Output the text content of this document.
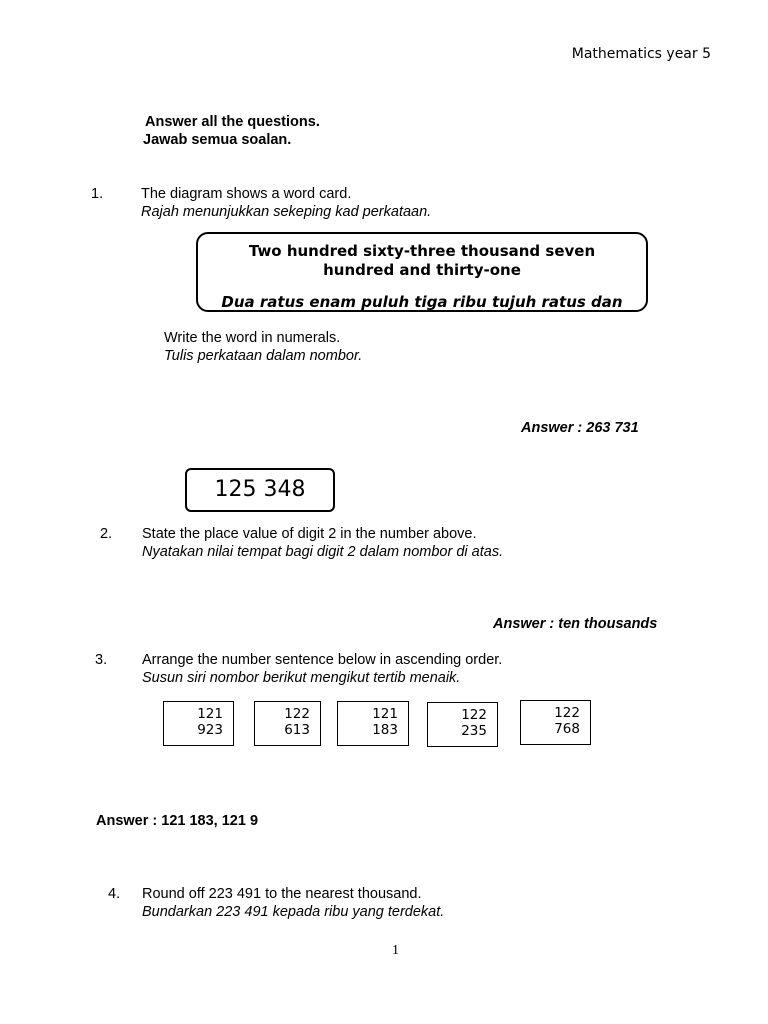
Mathematics year 5
Answer all the questions.
Jawab semua soalan.
1.	The diagram shows a word card.
Rajah menunjukkan sekeping kad perkataan.
Two hundred sixty-three thousand seven hundred and thirty-one
Dua ratus enam puluh tiga ribu tujuh ratus dan
Write the word in numerals.
Tulis perkataan dalam nombor.
Answer : 263 731
125 348
2. State the place value of digit 2 in the number above.
Nyatakan nilai tempat bagi digit 2 dalam nombor di atas.
Answer : ten thousands
3. Arrange the number sentence below in ascending order.
Susun siri nombor berikut mengikut tertib menaik.
121
923
122
613
121
183
122
235
122
768
Answer : 121 183, 121 9
4. Round off 223 491 to the nearest thousand.
Bundarkan 223 491 kepada ribu yang terdekat.
1
